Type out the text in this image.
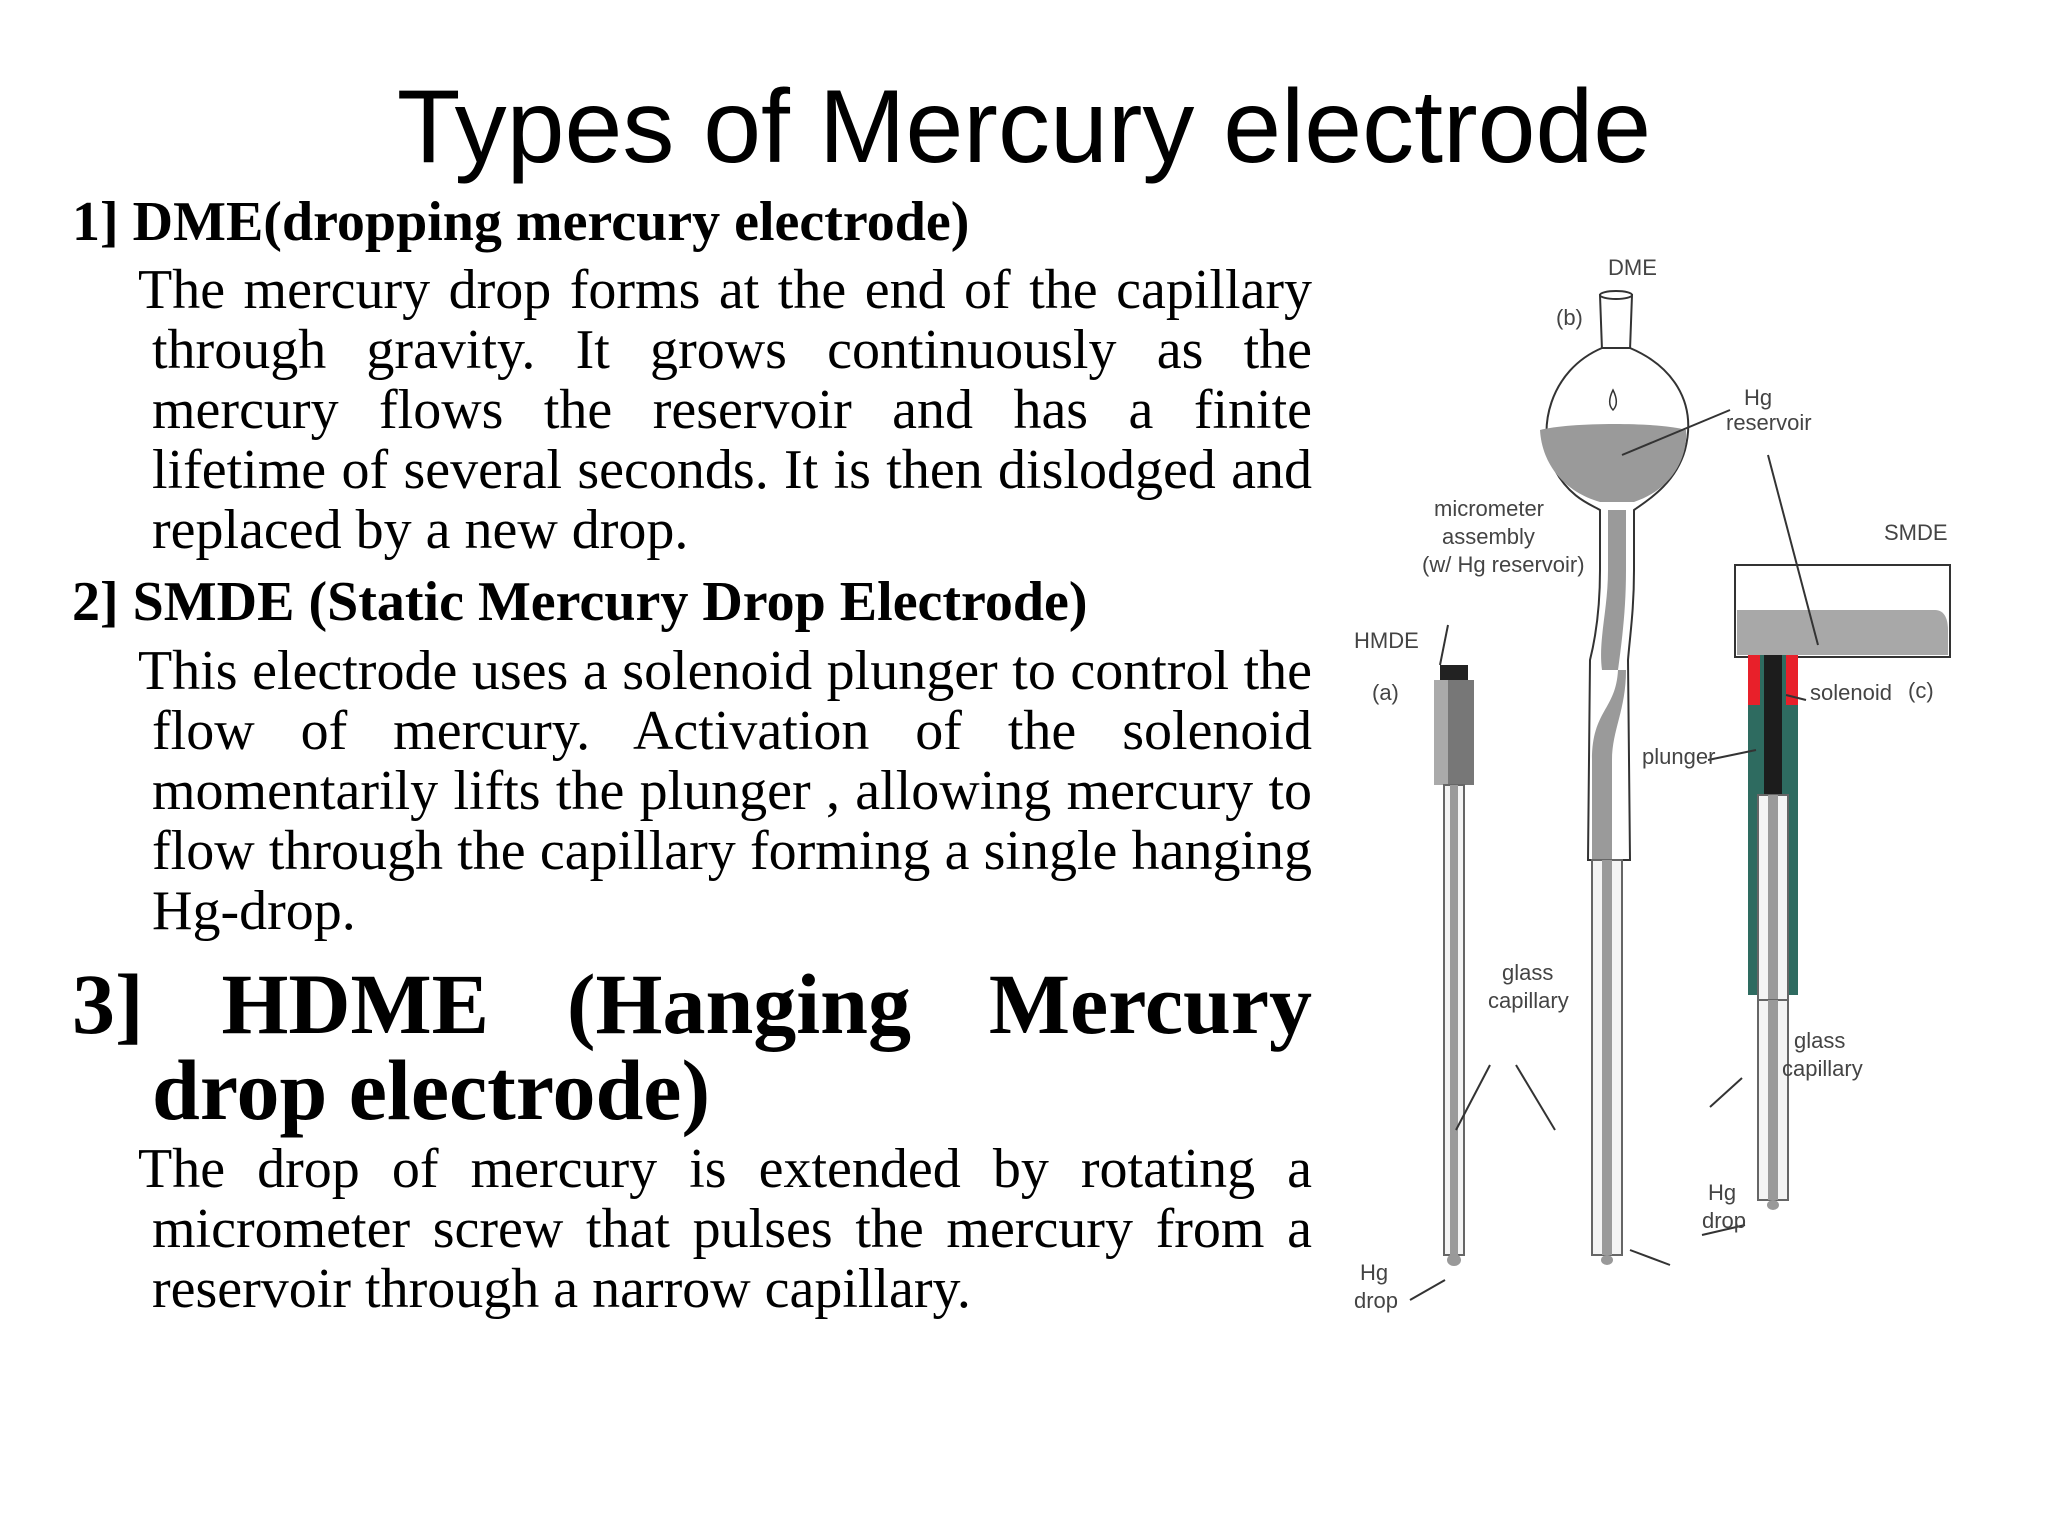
Types of Mercury electrode

1] DME(dropping mercury electrode)

The mercury drop forms at the end of the capillary through gravity. It grows continuously as the mercury flows the reservoir and has a finite lifetime of several seconds. It is then dislodged and replaced by a new drop.

2] SMDE (Static Mercury Drop Electrode)

This electrode uses a solenoid plunger to control the flow of mercury. Activation of the solenoid momentarily lifts the plunger , allowing mercury to flow through the capillary forming a single hanging Hg-drop.

3] HDME (Hanging Mercury drop electrode)

The drop of mercury is extended by rotating a micrometer screw that pulses the mercury from a reservoir through a narrow capillary.

DME
(b)
Hg
reservoir
micrometer
assembly
(w/ Hg reservoir)
SMDE
HMDE
(a)	solenoid (c)
plunger
glass
capillary
glass
capillary
Hg
drop
Hg
drop
